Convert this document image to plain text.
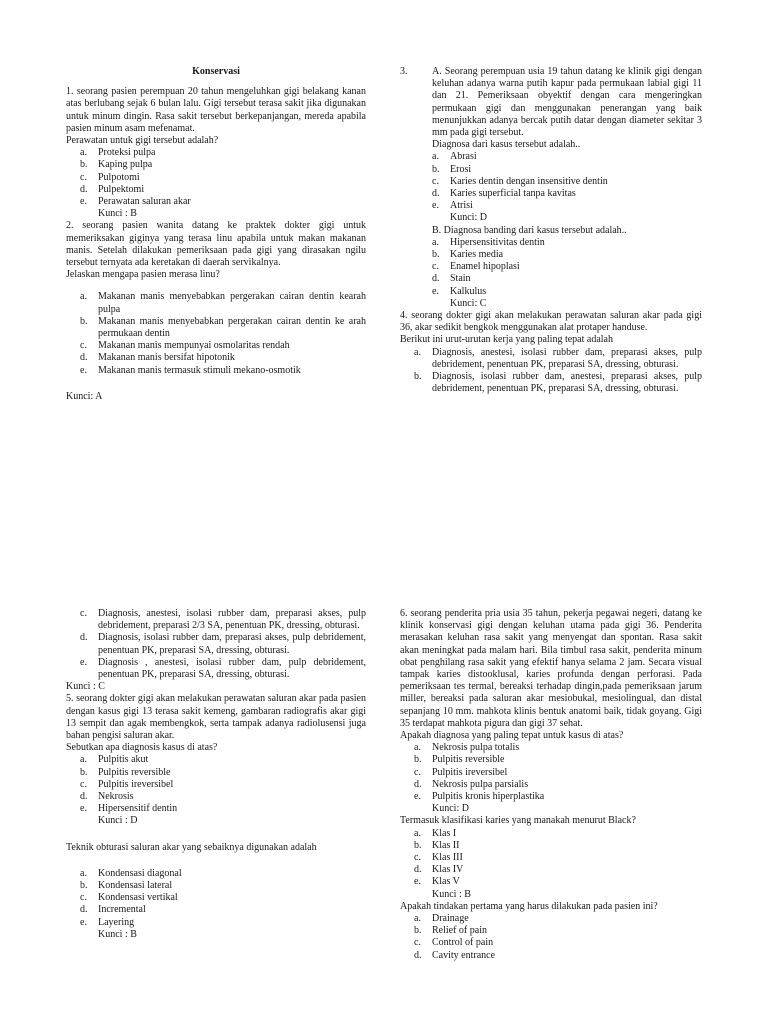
Konservasi

1. seorang pasien perempuan 20 tahun mengeluhkan gigi belakang kanan atas berlubang sejak 6 bulan lalu. Gigi tersebut terasa sakit jika digunakan untuk minum dingin. Rasa sakit tersebut berkepanjangan, mereda apabila pasien minum asam mefenamat.

Perawatan untuk gigi tersebut adalah?

a. Proteksi pulpa
b. Kaping pulpa
c. Pulpotomi
d. Pulpektomi
e. Perawatan saluran akar
Kunci : B

2. seorang pasien wanita datang ke praktek dokter gigi untuk memeriksakan giginya yang terasa linu apabila untuk makan makanan manis. Setelah dilakukan pemeriksaan pada gigi yang dirasakan ngilu tersebut ternyata ada keretakan di daerah servikalnya.

Jelaskan mengapa pasien merasa linu?

a. Makanan manis menyebabkan pergerakan cairan dentin kearah pulpa
b. Makanan manis menyebabkan pergerakan cairan dentin ke arah permukaan dentin
c. Makanan manis mempunyai osmolaritas rendah
d. Makanan manis bersifat hipotonik
e. Makanan manis termasuk stimuli mekano-osmotik
Kunci: A
3. A. Seorang perempuan usia 19 tahun datang ke klinik gigi dengan keluhan adanya warna putih kapur pada permukaan labial gigi 11 dan 21. Pemeriksaan obyektif dengan cara mengeringkan permukaan gigi dan menggunakan penerangan yang baik menunjukkan adanya bercak putih datar dengan diameter sekitar 3 mm pada gigi tersebut.

Diagnosa dari kasus tersebut adalah..

a. Abrasi
b. Erosi
c. Karies dentin dengan insensitive dentin
d. Karies superficial tanpa kavitas
e. Atrisi
Kunci: D
B. Diagnosa banding dari kasus tersebut adalah..
a. Hipersensitivitas dentin
b. Karies media
c. Enamel hipoplasi
d. Stain
e. Kalkulus
Kunci: C

4. seorang dokter gigi akan melakukan perawatan saluran akar pada gigi 36, akar sedikit bengkok menggunakan alat protaper handuse.

Berikut ini urut-urutan kerja yang paling tepat adalah

a. Diagnosis, anestesi, isolasi rubber dam, preparasi akses, pulp debridement, penentuan PK, preparasi SA, dressing, obturasi.
b. Diagnosis, isolasi rubber dam, anestesi, preparasi akses, pulp debridement, penentuan PK, preparasi SA, dressing, obturasi.
c. Diagnosis, anestesi, isolasi rubber dam, preparasi akses, pulp debridement, preparasi 2/3 SA, penentuan PK, dressing, obturasi.
d. Diagnosis, isolasi rubber dam, preparasi akses, pulp debridement, penentuan PK, preparasi SA, dressing, obturasi.
e. Diagnosis , anestesi, isolasi rubber dam, pulp debridement, penentuan PK, preparasi SA, dressing, obturasi.
Kunci : C

5. seorang dokter gigi akan melakukan perawatan saluran akar pada pasien dengan kasus gigi 13 terasa sakit kemeng, gambaran radiografis akar gigi 13 sempit dan agak membengkok, serta tampak adanya radiolusensi juga bahan pengisi saluran akar.

Sebutkan apa diagnosis kasus di atas?

a. Pulpitis akut
b. Pulpitis reversible
c. Pulpitis ireversibel
d. Nekrosis
e. Hipersensitif dentin
Kunci : D

Teknik obturasi saluran akar yang sebaiknya digunakan adalah

a. Kondensasi diagonal
b. Kondensasi lateral
c. Kondensasi vertikal
d. Incremental
e. Layering
Kunci : B

6. seorang penderita pria usia 35 tahun, pekerja pegawai negeri, datang ke klinik konservasi gigi dengan keluhan utama pada gigi 36. Penderita merasakan keluhan rasa sakit yang menyengat dan spontan. Rasa sakit akan meningkat pada malam hari. Bila timbul rasa sakit, penderita minum obat penghilang rasa sakit yang efektif hanya selama 2 jam. Secara visual tampak karies distooklusal, karies profunda dengan perforasi. Pada pemeriksaan tes termal, bereaksi terhadap dingin,pada pemeriksaan jarum miller, bereaksi pada saluran akar mesiobukal, mesiolingual, dan distal sepanjang 10 mm. mahkota klinis bentuk anatomi baik, tidak goyang. Gigi 35 terdapat mahkota pigura dan gigi 37 sehat.

Apakah diagnosa yang paling tepat untuk kasus di atas?

a. Nekrosis pulpa totalis
b. Pulpitis reversible
c. Pulpitis ireversibel
d. Nekrosis pulpa parsialis
e. Pulpitis kronis hiperplastika
Kunci: D

Termasuk klasifikasi karies yang manakah menurut Black?

a. Klas I
b. Klas II
c. Klas III
d. Klas IV
e. Klas V
Kunci : B

Apakah tindakan pertama yang harus dilakukan pada pasien ini?

a. Drainage
b. Relief of pain
c. Control of pain
d. Cavity entrance
